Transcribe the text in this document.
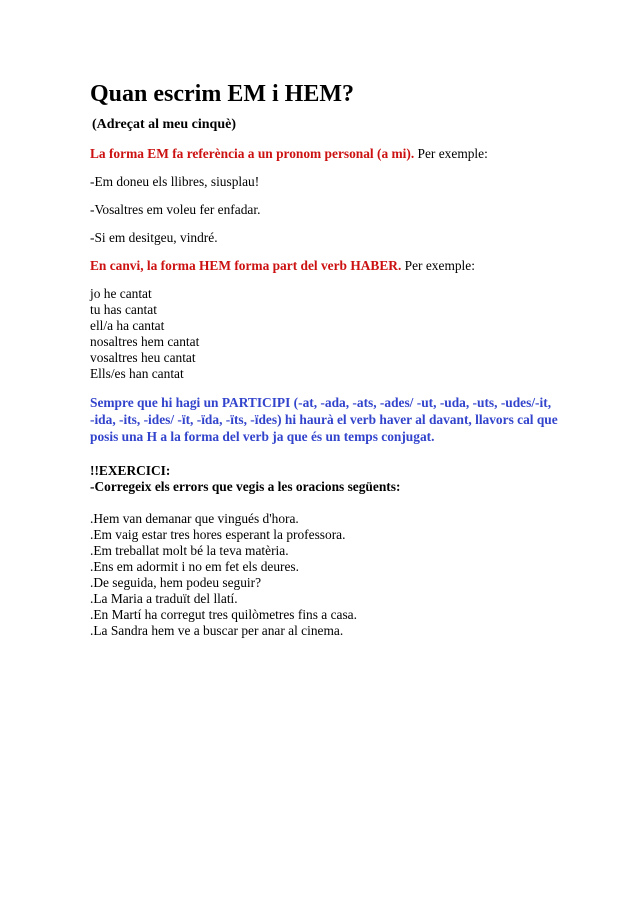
Quan escrim EM i HEM?
(Adreçat al meu cinquè)

La forma EM fa referència a un pronom personal (a mi). Per exemple:

-Em doneu els llibres, siusplau!

-Vosaltres em voleu fer enfadar.

-Si em desitgeu, vindré.

En canvi, la forma HEM forma part del verb HABER. Per exemple:

jo he cantat
tu has cantat
ell/a ha cantat
nosaltres hem cantat
vosaltres heu cantat
Ells/es han cantat
Sempre que hi hagi un PARTICIPI (-at, -ada, -ats, -ades/ -ut, -uda, -uts, -udes/-it,
-ida, -its, -ides/ -ït, -ïda, -ïts, -ïdes) hi haurà el verb haver al davant, llavors cal que
posis una H a la forma del verb ja que és un temps conjugat.
!!EXERCICI:
-Corregeix els errors que vegis a les oracions següents:
.Hem van demanar que vingués d'hora.
.Em vaig estar tres hores esperant la professora.
.Em treballat molt bé la teva matèria.
.Ens em adormit i no em fet els deures.
.De seguida, hem podeu seguir?
.La Maria a traduït del llatí.
.En Martí ha corregut tres quilòmetres fins a casa.
.La Sandra hem ve a buscar per anar al cinema.
